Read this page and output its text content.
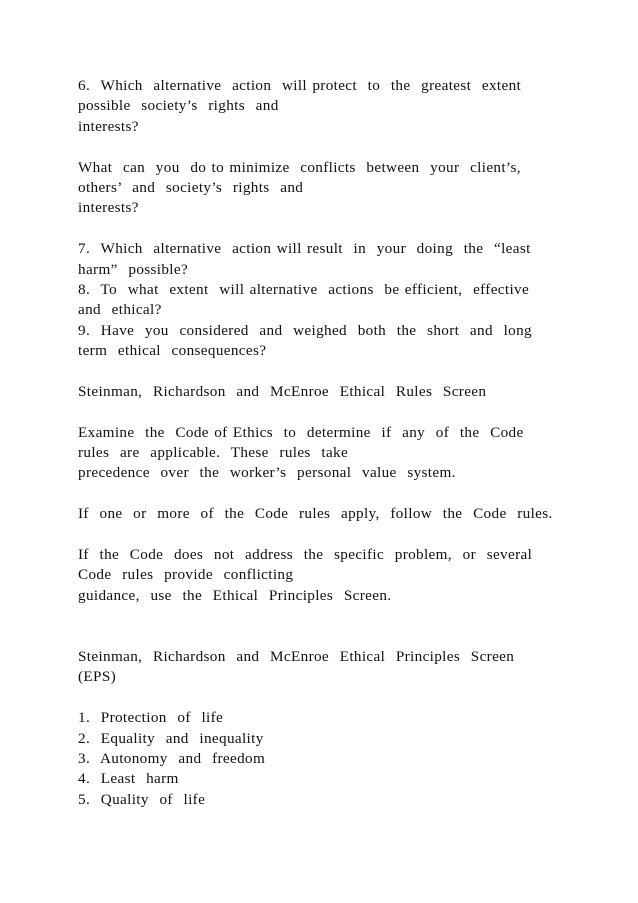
6.  Which  alternative  action  will protect  to  the  greatest  extent
possible  society’s  rights  and
interests?
What  can  you  do to minimize  conflicts  between  your  client’s,
others’  and  society’s  rights  and
interests?
7.  Which  alternative  action will result  in  your  doing  the  “least
harm”  possible?
8.  To  what  extent  will alternative  actions  be efficient,  effective
and  ethical?
9.  Have  you  considered  and  weighed  both  the  short  and  long
term  ethical  consequences?
Steinman,  Richardson  and  McEnroe  Ethical  Rules  Screen
Examine  the  Code of Ethics  to  determine  if  any  of  the  Code
rules  are  applicable.  These  rules  take
precedence  over  the  worker’s  personal  value  system.
If  one  or  more  of  the  Code  rules  apply,  follow  the  Code  rules.
If  the  Code  does  not  address  the  specific  problem,  or  several
Code  rules  provide  conflicting
guidance,  use  the  Ethical  Principles  Screen.
Steinman,  Richardson  and  McEnroe  Ethical  Principles  Screen
(EPS)
1.  Protection  of  life
2.  Equality  and  inequality
3.  Autonomy  and  freedom
4.  Least  harm
5.  Quality  of  life
